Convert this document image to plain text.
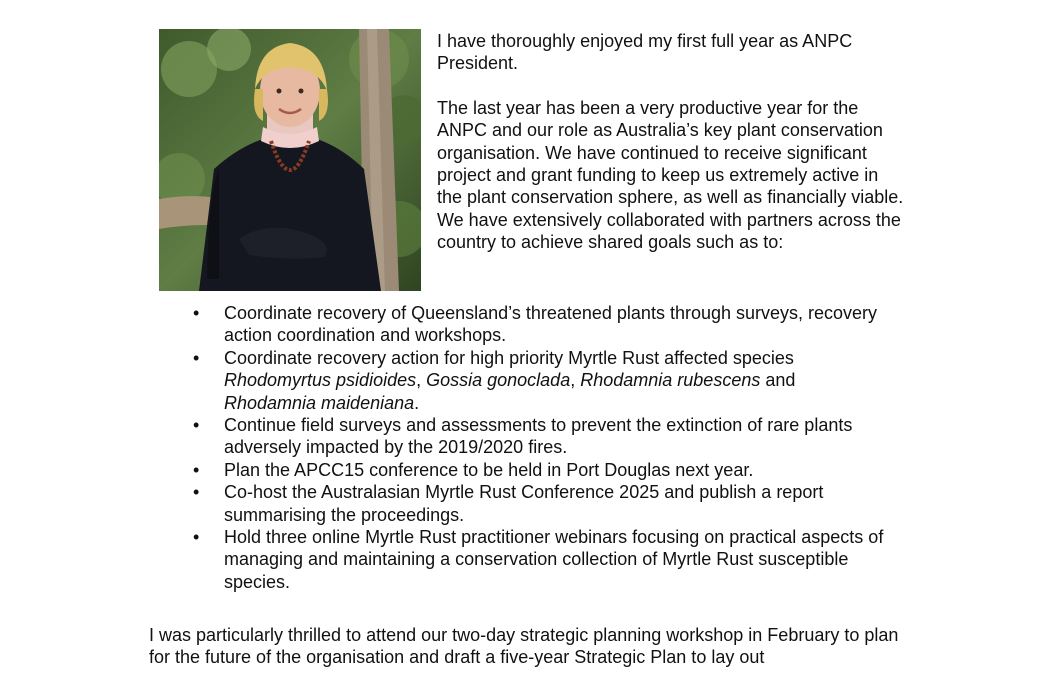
I have thoroughly enjoyed my first full year as ANPC President.

The last year has been a very productive year for the ANPC and our role as Australia’s key plant conservation organisation. We have continued to receive significant project and grant funding to keep us extremely active in the plant conservation sphere, as well as financially viable. We have extensively collaborated with partners across the country to achieve shared goals such as to:

• Coordinate recovery of Queensland’s threatened plants through surveys, recovery action coordination and workshops.
• Coordinate recovery action for high priority Myrtle Rust affected species
Rhodomyrtus psidioides, Gossia gonoclada, Rhodamnia rubescens and
Rhodamnia maideniana.
• Continue field surveys and assessments to prevent the extinction of rare plants adversely impacted by the 2019/2020 fires.
• Plan the APCC15 conference to be held in Port Douglas next year.
• Co-host the Australasian Myrtle Rust Conference 2025 and publish a report summarising the proceedings.
• Hold three online Myrtle Rust practitioner webinars focusing on practical aspects of managing and maintaining a conservation collection of Myrtle Rust susceptible species.

I was particularly thrilled to attend our two-day strategic planning workshop in February to plan for the future of the organisation and draft a five-year Strategic Plan to lay out
